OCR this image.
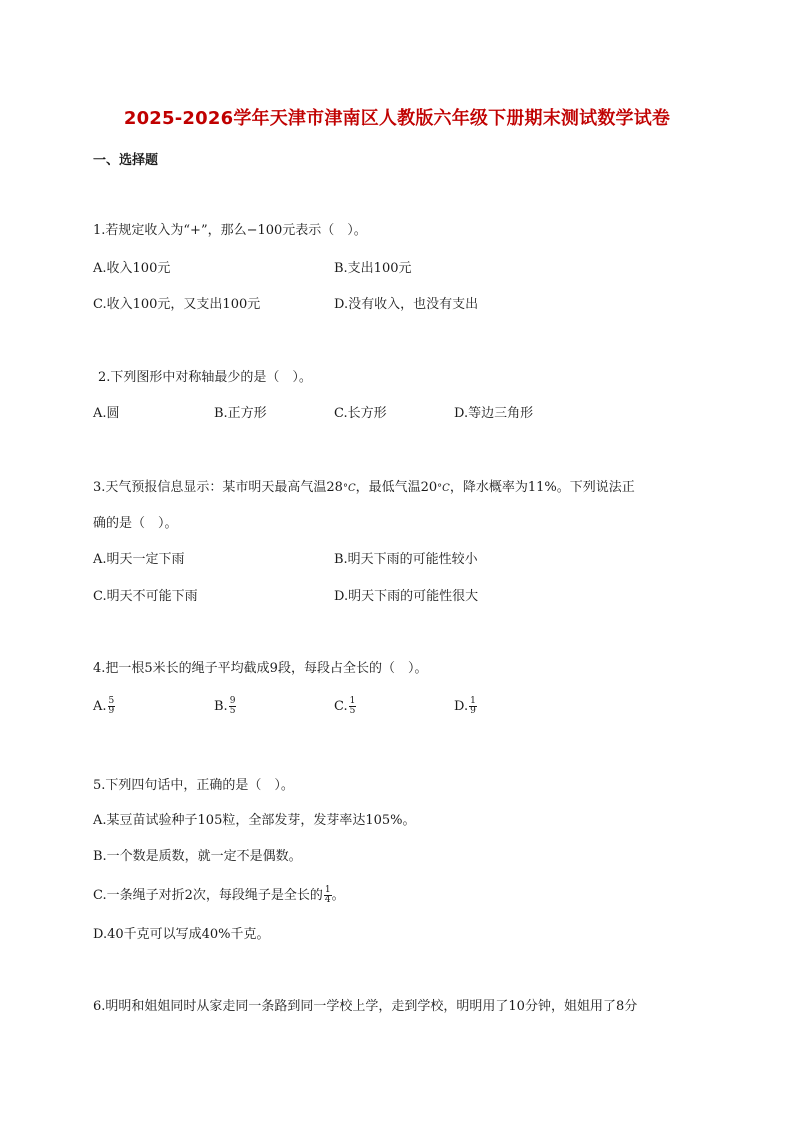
2025-2026学年天津市津南区人教版六年级下册期末测试数学试卷
一、选择题
1.若规定收入为“+”，那么−100元表示（　）。
A.收入100元	B.支出100元
C.收入100元，又支出100元	D.没有收入，也没有支出
2.下列图形中对称轴最少的是（　）。
A.圆	B.正方形	C.长方形	D.等边三角形
3.天气预报信息显示：某市明天最高气温28°C，最低气温20°C，降水概率为11%。下列说法正
确的是（　）。
A.明天一定下雨	B.明天下雨的可能性较小
C.明天不可能下雨	D.明天下雨的可能性很大
4.把一根5米长的绳子平均截成9段，每段占全长的（　）。
A. $\frac{5}{9}$	B. $\frac{9}{5}$	C. $\frac{1}{5}$	D. $\frac{1}{9}$
5.下列四句话中，正确的是（　）。
A.某豆苗试验种子105粒，全部发芽，发芽率达105%。
B.一个数是质数，就一定不是偶数。
C.一条绳子对折2次，每段绳子是全长的 $\frac{1}{4}$ 。
D.40千克可以写成40%千克。
6.明明和姐姐同时从家走同一条路到同一学校上学，走到学校，明明用了10分钟，姐姐用了8分
